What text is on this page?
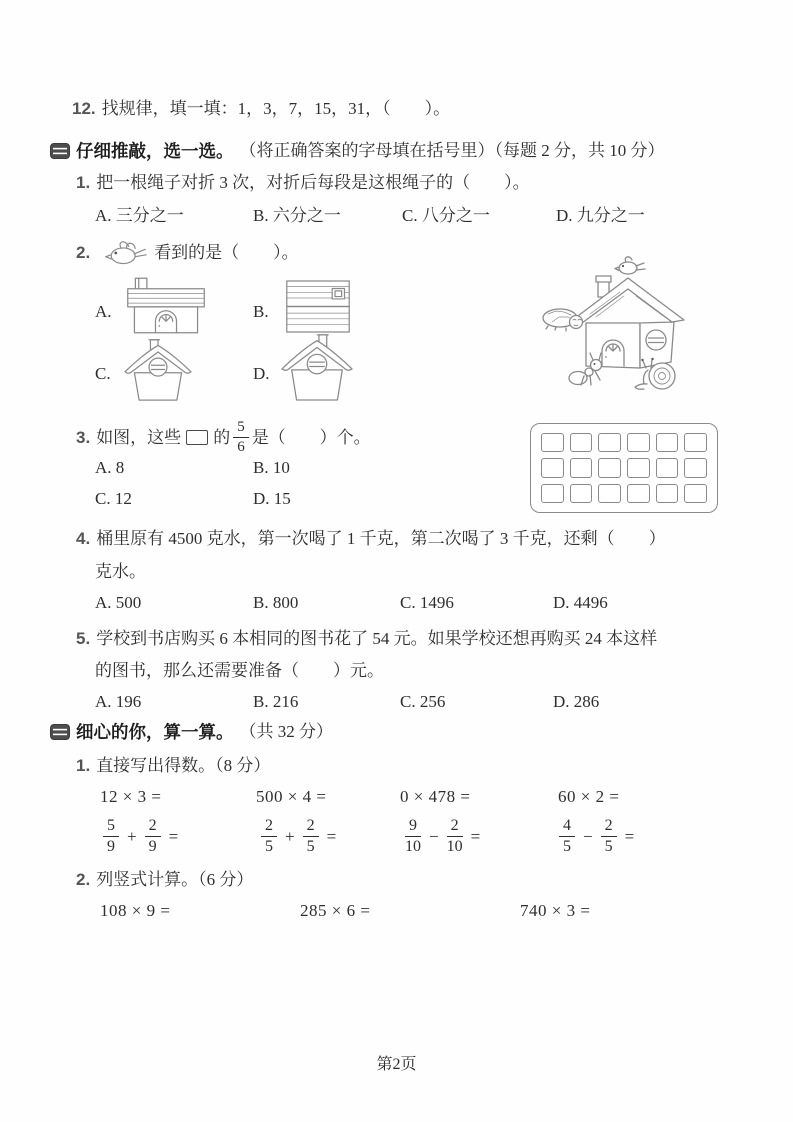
12. 找规律，填一填：1，3，7，15，31，（　　）。
仔细推敲，选一选。 （将正确答案的字母填在括号里）（每题 2 分，共 10 分）
1. 把一根绳子对折 3 次，对折后每段是这根绳子的（　　）。
A. 三分之一	B. 六分之一	C. 八分之一	D. 九分之一
2.	看到的是（　　）。
A.	B.
C.	D.
3. 如图，这些 的 $\frac{5}{6}$ 是（　　）个。
A. 8	B. 10
C. 12	D. 15
4. 桶里原有 4500 克水，第一次喝了 1 千克，第二次喝了 3 千克，还剩（　　）
克水。
A. 500	B. 800	C. 1496	D. 4496
5. 学校到书店购买 6 本相同的图书花了 54 元。如果学校还想再购买 24 本这样
的图书，那么还需要准备（　　）元。
A. 196	B. 216	C. 256	D. 286
细心的你，算一算。 （共 32 分）
1. 直接写出得数。（8 分）
12 × 3 =	500 × 4 =	0 × 478 =	60 × 2 =
$\frac{5}{9} + \frac{2}{9}$ =	$\frac{2}{5} + \frac{2}{5}$ =	$\frac{9}{10} - \frac{2}{10}$ =	$\frac{4}{5} - \frac{2}{5}$ =
2. 列竖式计算。（6 分）
108 × 9 =	285 × 6 =	740 × 3 =
第2页
